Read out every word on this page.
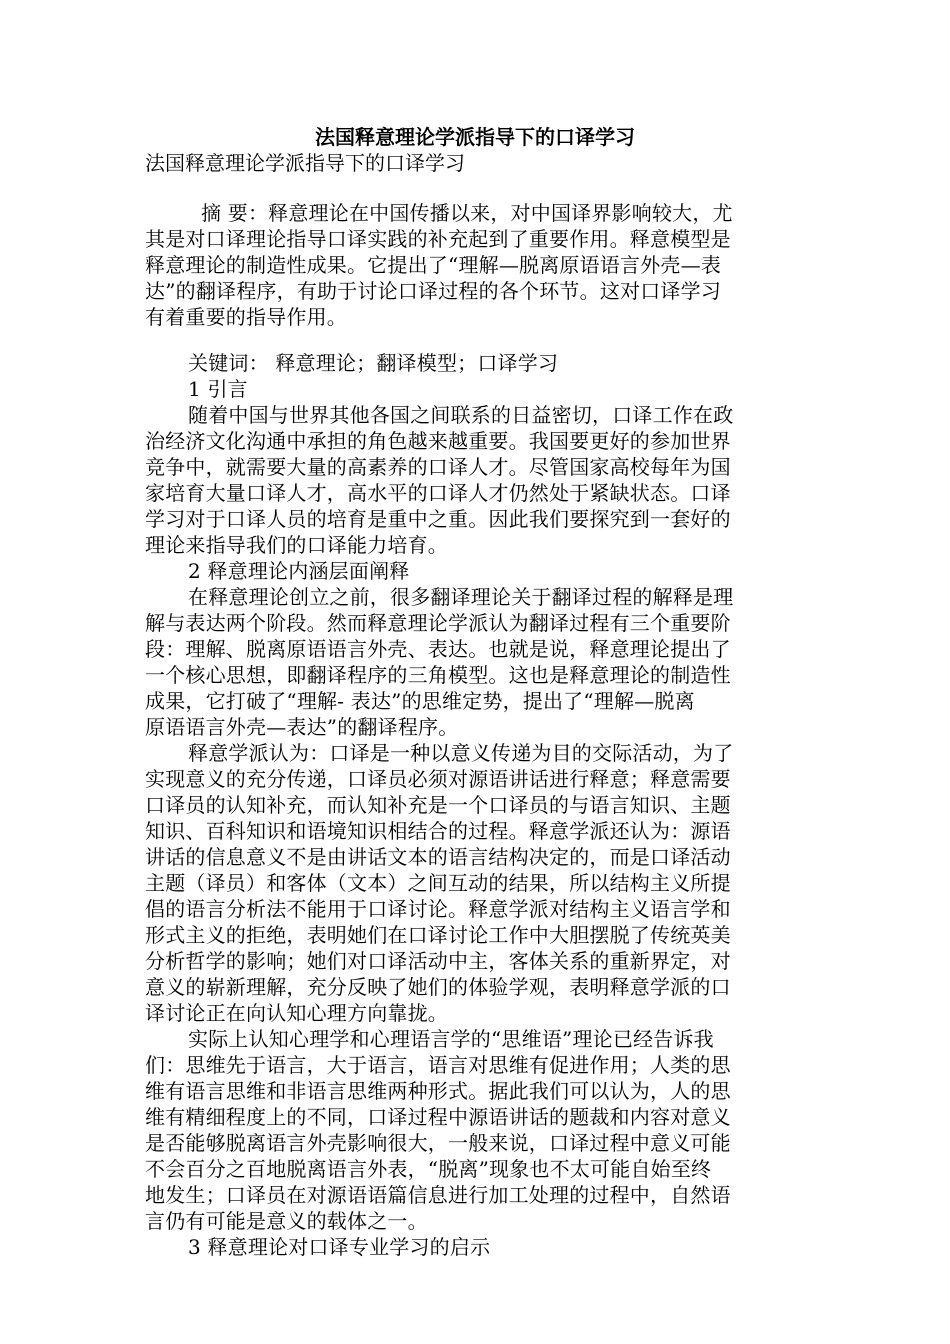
法国释意理论学派指导下的口译学习
法国释意理论学派指导下的口译学习
摘 要：释意理论在中国传播以来，对中国译界影响较大，尤
其是对口译理论指导口译实践的补充起到了重要作用。释意模型是
释意理论的制造性成果。它提出了“理解—脱离原语语言外壳—表
达”的翻译程序，有助于讨论口译过程的各个环节。这对口译学习
有着重要的指导作用。
关键词： 释意理论；翻译模型；口译学习
1 引言
随着中国与世界其他各国之间联系的日益密切，口译工作在政
治经济文化沟通中承担的角色越来越重要。我国要更好的参加世界
竞争中，就需要大量的高素养的口译人才。尽管国家高校每年为国
家培育大量口译人才，高水平的口译人才仍然处于紧缺状态。口译
学习对于口译人员的培育是重中之重。因此我们要探究到一套好的
理论来指导我们的口译能力培育。
2 释意理论内涵层面阐释
在释意理论创立之前，很多翻译理论关于翻译过程的解释是理
解与表达两个阶段。然而释意理论学派认为翻译过程有三个重要阶
段：理解、脱离原语语言外壳、表达。也就是说，释意理论提出了
一个核心思想，即翻译程序的三角模型。这也是释意理论的制造性
成果，它打破了“理解- 表达”的思维定势，提出了“理解—脱离
原语语言外壳—表达”的翻译程序。
释意学派认为：口译是一种以意义传递为目的交际活动，为了
实现意义的充分传递，口译员必须对源语讲话进行释意；释意需要
口译员的认知补充，而认知补充是一个口译员的与语言知识、主题
知识、百科知识和语境知识相结合的过程。释意学派还认为：源语
讲话的信息意义不是由讲话文本的语言结构决定的，而是口译活动
主题（译员）和客体（文本）之间互动的结果，所以结构主义所提
倡的语言分析法不能用于口译讨论。释意学派对结构主义语言学和
形式主义的拒绝，表明她们在口译讨论工作中大胆摆脱了传统英美
分析哲学的影响；她们对口译活动中主，客体关系的重新界定，对
意义的崭新理解，充分反映了她们的体验学观，表明释意学派的口
译讨论正在向认知心理方向靠拢。
实际上认知心理学和心理语言学的“思维语”理论已经告诉我
们：思维先于语言，大于语言，语言对思维有促进作用；人类的思
维有语言思维和非语言思维两种形式。据此我们可以认为，人的思
维有精细程度上的不同，口译过程中源语讲话的题裁和内容对意义
是否能够脱离语言外壳影响很大，一般来说，口译过程中意义可能
不会百分之百地脱离语言外表，“脱离”现象也不太可能自始至终
地发生；口译员在对源语语篇信息进行加工处理的过程中，自然语
言仍有可能是意义的载体之一。
3 释意理论对口译专业学习的启示
